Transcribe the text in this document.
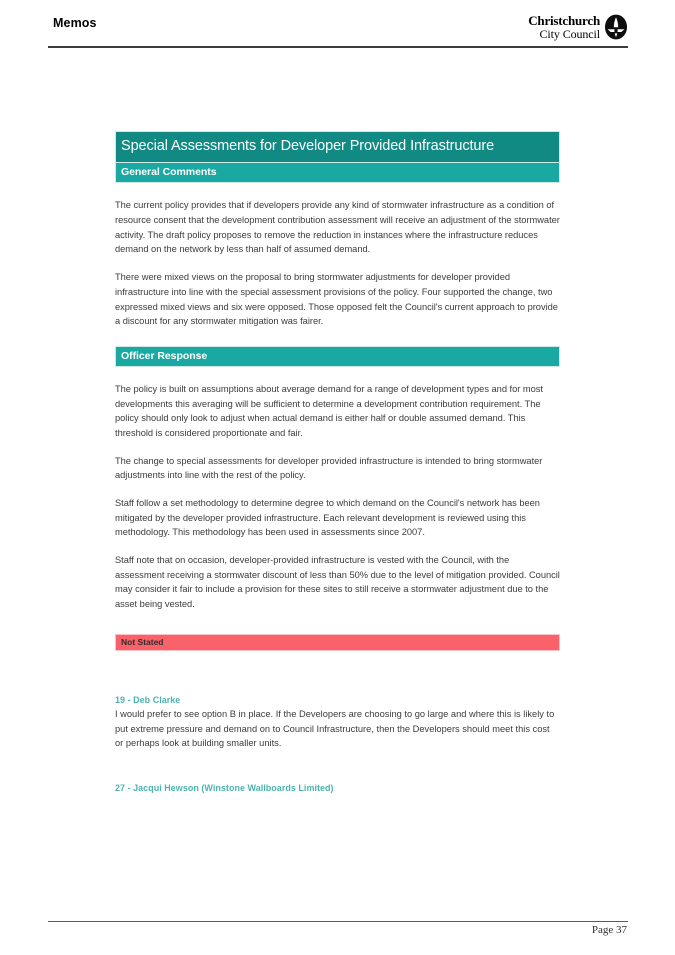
Memos	Christchurch
City Council
Special Assessments for Developer Provided Infrastructure
General Comments

The current policy provides that if developers provide any kind of stormwater infrastructure as a condition of resource consent that the development contribution assessment will receive an adjustment of the stormwater activity. The draft policy proposes to remove the reduction in instances where the infrastructure reduces demand on the network by less than half of assumed demand.

There were mixed views on the proposal to bring stormwater adjustments for developer provided infrastructure into line with the special assessment provisions of the policy. Four supported the change, two expressed mixed views and six were opposed. Those opposed felt the Council's current approach to provide a discount for any stormwater mitigation was fairer.

Officer Response

The policy is built on assumptions about average demand for a range of development types and for most developments this averaging will be sufficient to determine a development contribution requirement. The policy should only look to adjust when actual demand is either half or double assumed demand. This threshold is considered proportionate and fair.

The change to special assessments for developer provided infrastructure is intended to bring stormwater adjustments into line with the rest of the policy.

Staff follow a set methodology to determine degree to which demand on the Council's network has been mitigated by the developer provided infrastructure. Each relevant development is reviewed using this methodology. This methodology has been used in assessments since 2007.

Staff note that on occasion, developer-provided infrastructure is vested with the Council, with the assessment receiving a stormwater discount of less than 50% due to the level of mitigation provided. Council may consider it fair to include a provision for these sites to still receive a stormwater adjustment due to the asset being vested.

Not Stated

19 - Deb Clarke

I would prefer to see option B in place. If the Developers are choosing to go large and where this is likely to put extreme pressure and demand on to Council Infrastructure, then the Developers should meet this cost or perhaps look at building smaller units.

27 - Jacqui Hewson (Winstone Wallboards Limited)

Page 37
